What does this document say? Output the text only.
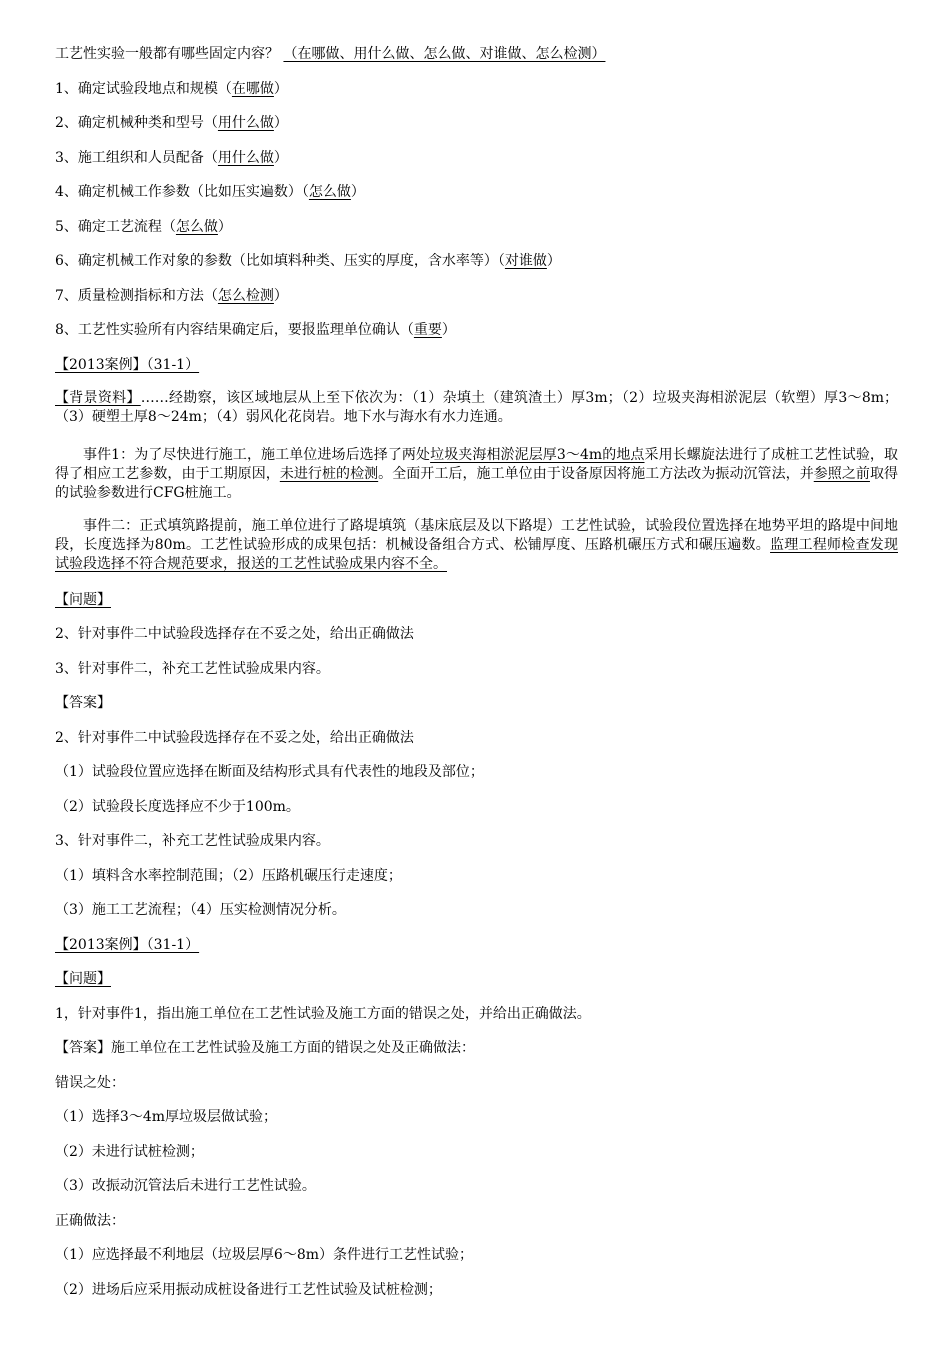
工艺性实验一般都有哪些固定内容？ （在哪做、用什么做、怎么做、对谁做、怎么检测）
1、确定试验段地点和规模（在哪做）
2、确定机械种类和型号（用什么做）
3、施工组织和人员配备（用什么做）
4、确定机械工作参数（比如压实遍数）（怎么做）
5、确定工艺流程（怎么做）
6、确定机械工作对象的参数（比如填料种类、压实的厚度，含水率等）（对谁做）
7、质量检测指标和方法（怎么检测）
8、工艺性实验所有内容结果确定后，要报监理单位确认（重要）
【2013案例】（31-1）
【背景资料】……经勘察，该区域地层从上至下依次为：（1）杂填土（建筑渣土）厚3m；（2）垃圾夹海相淤泥层（软塑）厚3～8m；（3）硬塑土厚8～24m；（4）弱风化花岗岩。地下水与海水有水力连通。
事件1：为了尽快进行施工，施工单位进场后选择了两处垃圾夹海相淤泥层厚3～4m的地点采用长螺旋法进行了成桩工艺性试验，取得了相应工艺参数，由于工期原因，未进行桩的检测。全面开工后，施工单位由于设备原因将施工方法改为振动沉管法，并参照之前取得的试验参数进行CFG桩施工。
事件二：正式填筑路提前，施工单位进行了路堤填筑（基床底层及以下路堤）工艺性试验，试验段位置选择在地势平坦的路堤中间地段，长度选择为80m。工艺性试验形成的成果包括：机械设备组合方式、松铺厚度、压路机碾压方式和碾压遍数。监理工程师检查发现试验段选择不符合规范要求，报送的工艺性试验成果内容不全。
【问题】
2、针对事件二中试验段选择存在不妥之处，给出正确做法
3、针对事件二，补充工艺性试验成果内容。
【答案】
2、针对事件二中试验段选择存在不妥之处，给出正确做法
（1）试验段位置应选择在断面及结构形式具有代表性的地段及部位；
（2）试验段长度选择应不少于100m。
3、针对事件二，补充工艺性试验成果内容。
（1）填料含水率控制范围；（2）压路机碾压行走速度；
（3）施工工艺流程；（4）压实检测情况分析。
【2013案例】（31-1）
【问题】
1，针对事件1，指出施工单位在工艺性试验及施工方面的错误之处，并给出正确做法。
【答案】施工单位在工艺性试验及施工方面的错误之处及正确做法：
错误之处：
（1）选择3～4m厚垃圾层做试验；
（2）未进行试桩检测；
（3）改振动沉管法后未进行工艺性试验。
正确做法：
（1）应选择最不利地层（垃圾层厚6～8m）条件进行工艺性试验；
（2）进场后应采用振动成桩设备进行工艺性试验及试桩检测；
